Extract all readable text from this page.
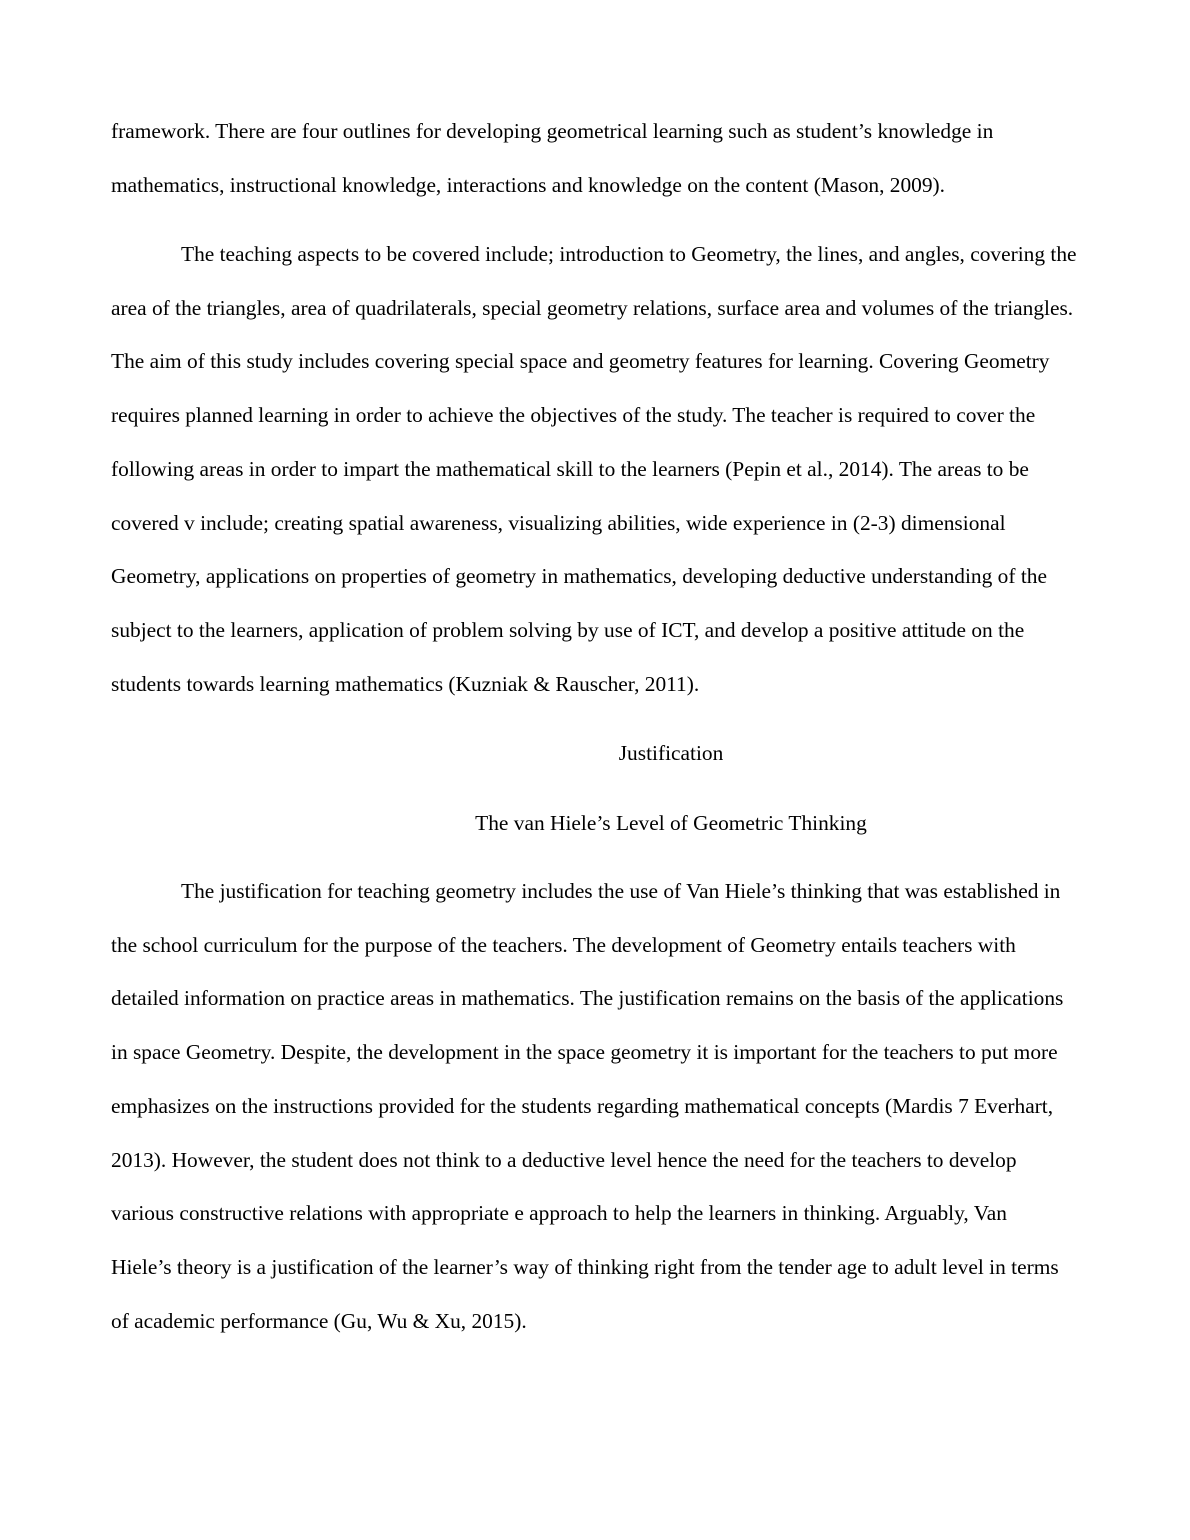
framework. There are four outlines for developing geometrical learning such as student’s knowledge in
mathematics, instructional knowledge, interactions and knowledge on the content (Mason, 2009).

The teaching aspects to be covered include; introduction to Geometry, the lines, and angles, covering the
area of the triangles, area of quadrilaterals, special geometry relations, surface area and volumes of the triangles.
The aim of this study includes covering special space and geometry features for learning. Covering Geometry
requires planned learning in order to achieve the objectives of the study. The teacher is required to cover the
following areas in order to impart the mathematical skill to the learners (Pepin et al., 2014). The areas to be
covered v include; creating spatial awareness, visualizing abilities, wide experience in (2-3) dimensional
Geometry, applications on properties of geometry in mathematics, developing deductive understanding of the
subject to the learners, application of problem solving by use of ICT, and develop a positive attitude on the
students towards learning mathematics (Kuzniak & Rauscher, 2011).

Justification
The van Hiele’s Level of Geometric Thinking

The justification for teaching geometry includes the use of Van Hiele’s thinking that was established in
the school curriculum for the purpose of the teachers. The development of Geometry entails teachers with
detailed information on practice areas in mathematics. The justification remains on the basis of the applications
in space Geometry. Despite, the development in the space geometry it is important for the teachers to put more
emphasizes on the instructions provided for the students regarding mathematical concepts (Mardis 7 Everhart,
2013). However, the student does not think to a deductive level hence the need for the teachers to develop
various constructive relations with appropriate e approach to help the learners in thinking. Arguably, Van
Hiele’s theory is a justification of the learner’s way of thinking right from the tender age to adult level in terms
of academic performance (Gu, Wu & Xu, 2015).
